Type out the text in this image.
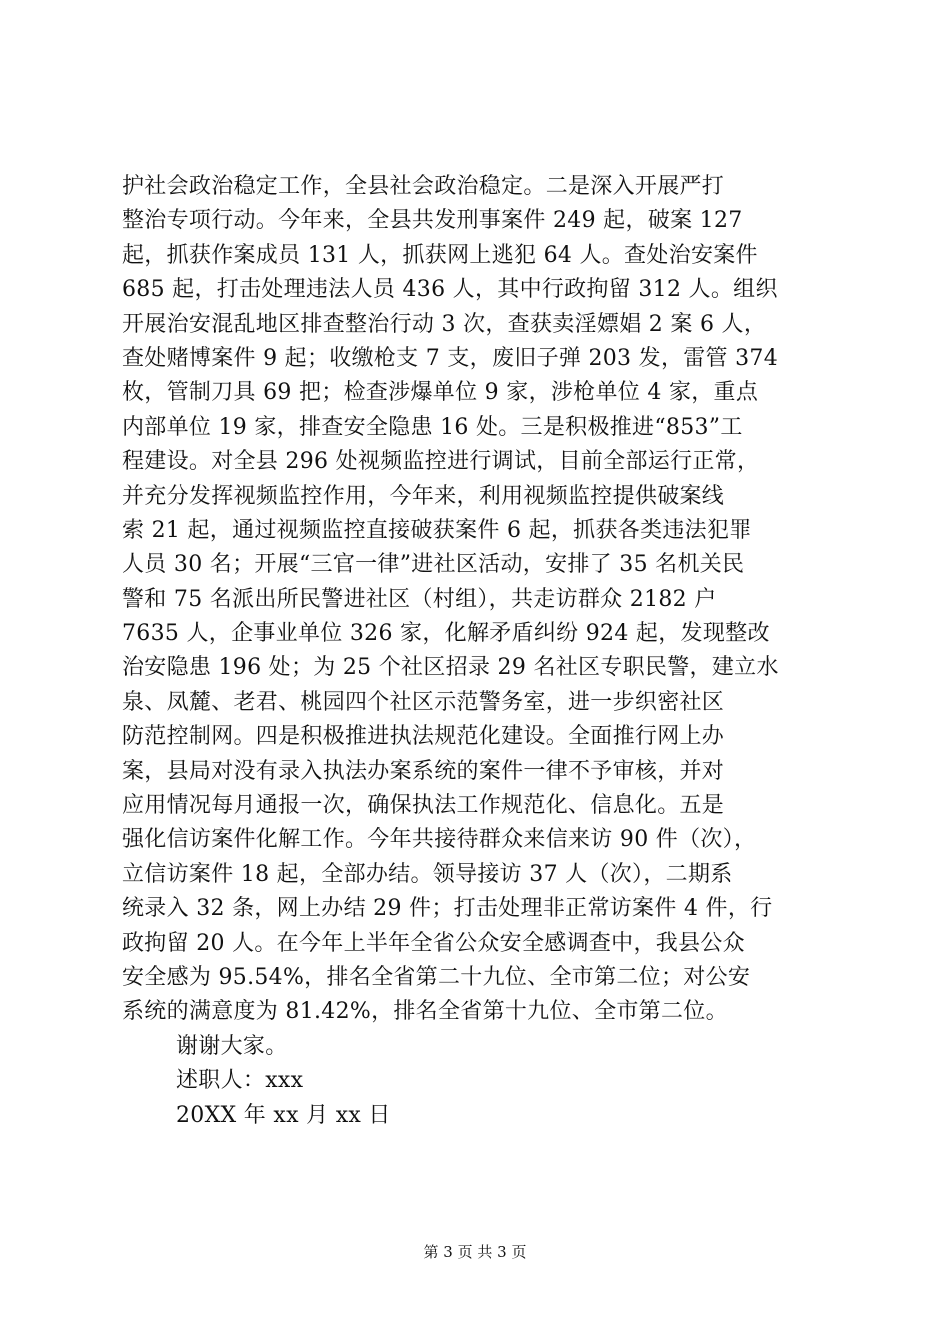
护社会政治稳定工作，全县社会政治稳定。二是深入开展严打
整治专项行动。今年来，全县共发刑事案件 249 起，破案 127
起，抓获作案成员 131 人，抓获网上逃犯 64 人。查处治安案件
685 起，打击处理违法人员 436 人，其中行政拘留 312 人。组织
开展治安混乱地区排查整治行动 3 次，查获卖淫嫖娼 2 案 6 人，
查处赌博案件 9 起；收缴枪支 7 支，废旧子弹 203 发，雷管 374
枚，管制刀具 69 把；检查涉爆单位 9 家，涉枪单位 4 家，重点
内部单位 19 家，排查安全隐患 16 处。三是积极推进“853”工
程建设。对全县 296 处视频监控进行调试，目前全部运行正常，
并充分发挥视频监控作用，今年来，利用视频监控提供破案线
索 21 起，通过视频监控直接破获案件 6 起，抓获各类违法犯罪
人员 30 名；开展“三官一律”进社区活动，安排了 35 名机关民
警和 75 名派出所民警进社区（村组），共走访群众 2182 户
7635 人，企事业单位 326 家，化解矛盾纠纷 924 起，发现整改
治安隐患 196 处；为 25 个社区招录 29 名社区专职民警，建立水
泉、凤麓、老君、桃园四个社区示范警务室，进一步织密社区
防范控制网。四是积极推进执法规范化建设。全面推行网上办
案，县局对没有录入执法办案系统的案件一律不予审核，并对
应用情况每月通报一次，确保执法工作规范化、信息化。五是
强化信访案件化解工作。今年共接待群众来信来访 90 件（次），
立信访案件 18 起，全部办结。领导接访 37 人（次），二期系
统录入 32 条，网上办结 29 件；打击处理非正常访案件 4 件，行
政拘留 20 人。在今年上半年全省公众安全感调查中，我县公众
安全感为 95.54%，排名全省第二十九位、全市第二位；对公安
系统的满意度为 81.42%，排名全省第十九位、全市第二位。
谢谢大家。
述职人：xxx
20XX 年 xx 月 xx 日
第 3 页 共 3 页
